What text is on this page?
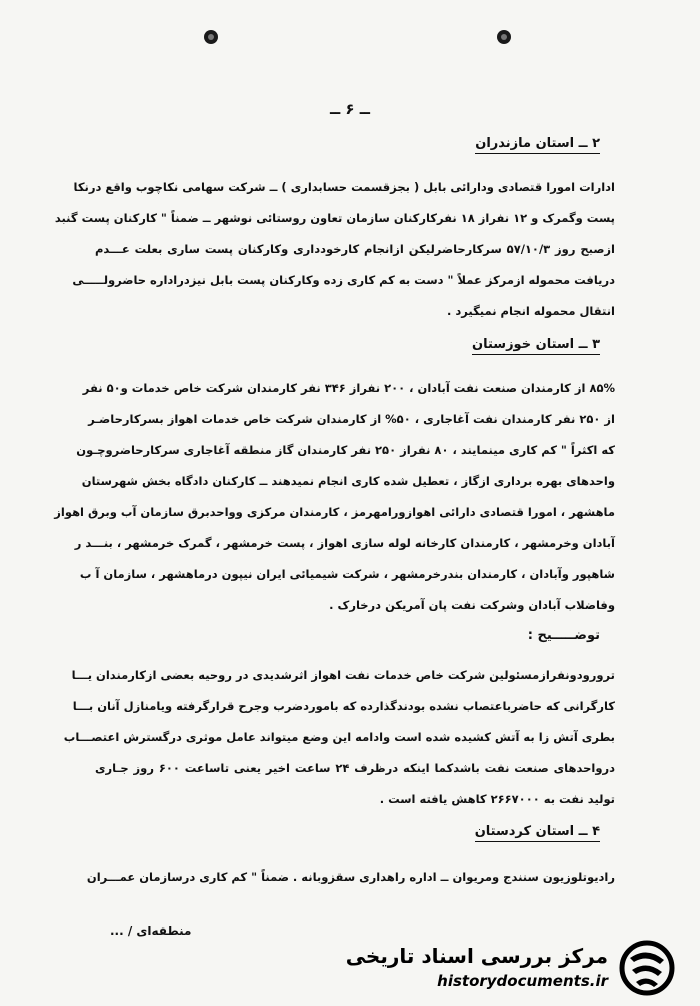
ــ ۶ ــ
۲ ــ استان مازندران
ادارات امورا قتصادی ودارائی بابل ( بجزقسمت حسابداری ) ــ شرکت سهامی نکاچوب واقع درنکا
پست وگمرک و ۱۲ نفراز ۱۸ نفرکارکنان سازمان تعاون روستائی نوشهر ــ ضمناً " کارکنان پست گنبد
ازصبح روز ۵۷/۱۰/۳ سرکارحاضرلیکن ازانجام کارخودداری وکارکنان پست ساری بعلت عـــدم
دریافت محموله ازمرکز عملاً " دست به کم کاری زده وکارکنان پست بابل نیزدراداره حاضرولـــــی
انتقال محموله انجام نمیگیرد .
۳ ــ استان خوزستان
۸۵% از کارمندان صنعت نفت آبادان ، ۲۰۰ نفراز ۳۴۶ نفر کارمندان شرکت خاص خدمات و۵۰ نفر
از ۲۵۰ نفر کارمندان نفت آغاجاری ، ۵۰% از کارمندان شرکت خاص خدمات اهواز بسرکارحاضـر
که اکثراً " کم کاری مینمایند ، ۸۰ نفراز ۲۵۰ نفر کارمندان گاز منطقه آغاجاری سرکارحاضروچـون
واحدهای بهره برداری ازگاز ، تعطیل شده کاری انجام نمیدهند ــ کارکنان دادگاه بخش شهرستان
ماهشهر ، امورا قتصادی دارائی اهوازورامهرمز ، کارمندان مرکزی وواحدبرق سازمان آب وبرق اهواز
آبادان وخرمشهر ، کارمندان کارخانه لوله سازی اهواز ، پست خرمشهر ، گمرک خرمشهر ، بنـــد ر
شاهپور وآبادان ، کارمندان بندرخرمشهر ، شرکت شیمیائی ایران نیپون درماهشهر ، سازمان آ ب
وفاضلاب آبادان وشرکت نفت پان آمریکن درخارک .
توضـــــیح :
ترورودونفرازمسئولین شرکت خاص خدمات نفت اهواز اثرشدیدی در روحیه بعضی ازکارمندان یـــا
کارگرانی که حاضرباعتصاب نشده بودندگذارده که باموردضرب وجرح قرارگرفته ویامنازل آنان بـــا
بطری آتش زا به آتش کشیده شده است وادامه این وضع میتواند عامل موثری درگسترش اعتصـــاب
درواحدهای صنعت نفت باشدکما اینکه درظرف ۲۴ ساعت اخیر یعنی تاساعت ۶۰۰ روز جـاری
تولید نفت به ۲۶۶۷۰۰۰ کاهش یافته است .
۴ ــ استان کردستان
رادیوتلوزیون سنندج ومریوان ــ اداره راهداری سقزوبانه . ضمناً " کم کاری درسازمان عمـــران
منطقه‌ای / ...
مرکز بررسی اسناد تاریخی
historydocuments.ir
